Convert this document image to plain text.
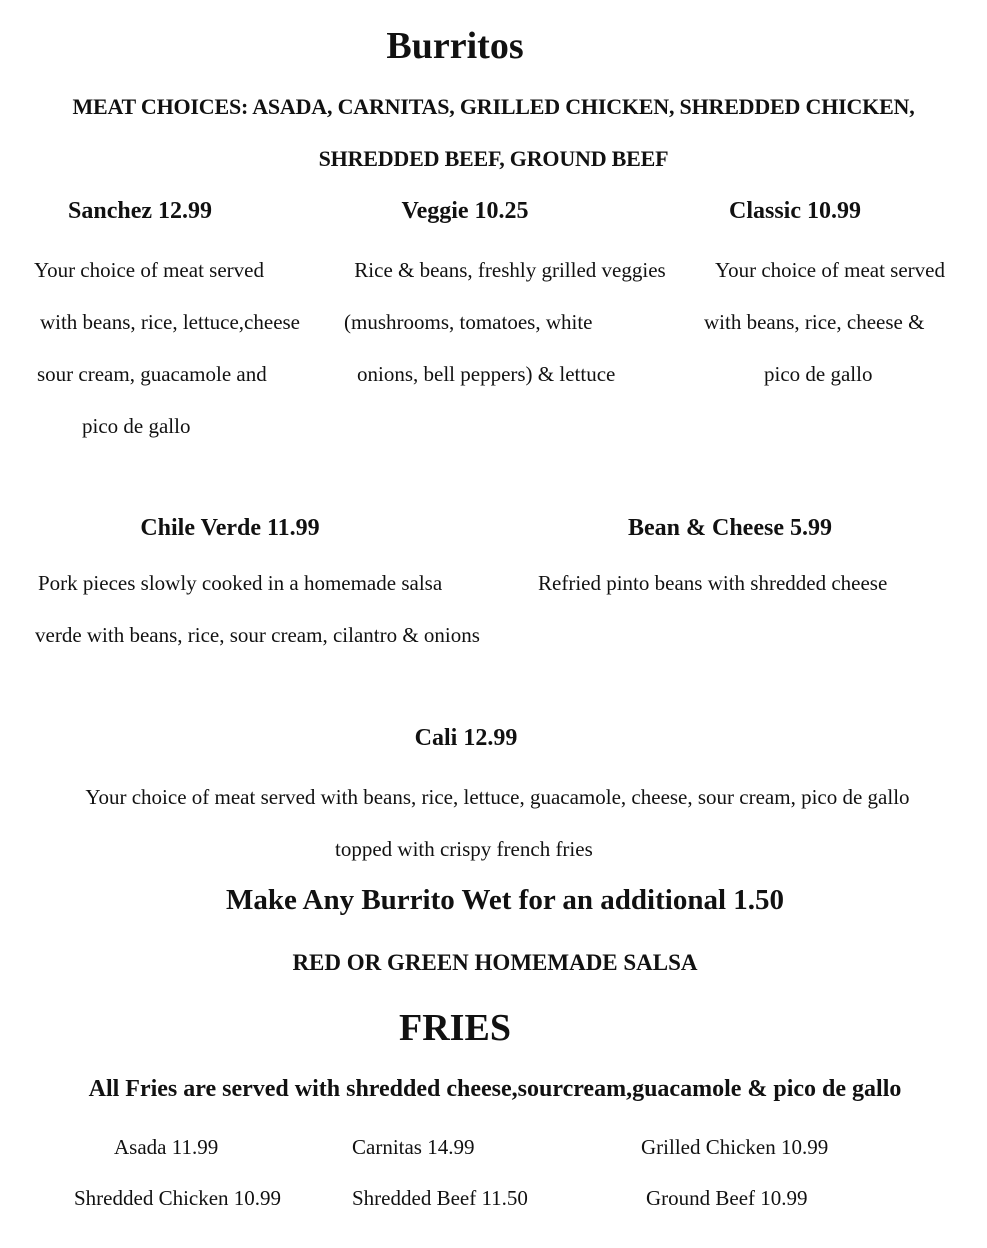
Burritos
MEAT CHOICES: ASADA, CARNITAS, GRILLED CHICKEN, SHREDDED CHICKEN,
SHREDDED BEEF, GROUND BEEF
Sanchez 12.99
Your choice of meat served
with beans, rice, lettuce,cheese
sour cream, guacamole and
pico de gallo
Veggie 10.25
Rice & beans, freshly grilled veggies
(mushrooms, tomatoes, white
onions, bell peppers) & lettuce
Classic 10.99
Your choice of meat served
with beans, rice, cheese &
pico de gallo
Chile Verde 11.99
Pork pieces slowly cooked in a homemade salsa
verde with beans, rice, sour cream, cilantro & onions
Bean & Cheese 5.99
Refried pinto beans with shredded cheese
Cali 12.99
Your choice of meat served with beans, rice, lettuce, guacamole, cheese, sour cream, pico de gallo
topped with crispy french fries
Make Any Burrito Wet for an additional 1.50
RED OR GREEN HOMEMADE SALSA
FRIES
All Fries are served with shredded cheese,sourcream,guacamole & pico de gallo
Asada 11.99	Carnitas 14.99	Grilled Chicken 10.99
Shredded Chicken 10.99	Shredded Beef 11.50	Ground Beef 10.99
